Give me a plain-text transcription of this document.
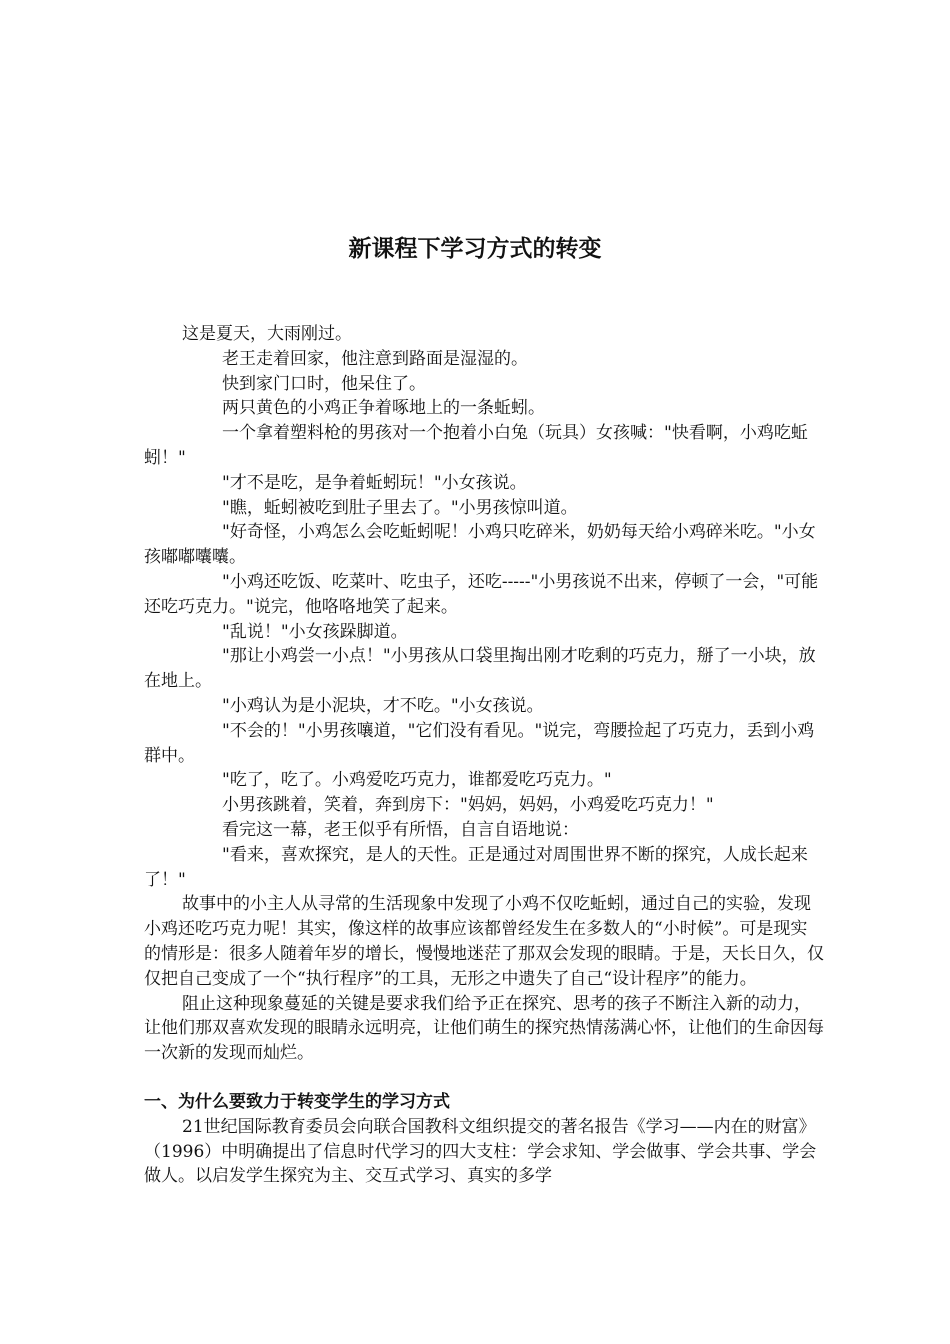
新课程下学习方式的转变

这是夏天，大雨刚过。

老王走着回家，他注意到路面是湿湿的。

快到家门口时，他呆住了。

两只黄色的小鸡正争着啄地上的一条蚯蚓。

一个拿着塑料枪的男孩对一个抱着小白兔（玩具）女孩喊："快看啊，小鸡吃蚯蚓！"

"才不是吃，是争着蚯蚓玩！"小女孩说。

"瞧，蚯蚓被吃到肚子里去了。"小男孩惊叫道。

"好奇怪，小鸡怎么会吃蚯蚓呢！小鸡只吃碎米，奶奶每天给小鸡碎米吃。"小女孩嘟嘟囔囔。

"小鸡还吃饭、吃菜叶、吃虫子，还吃-----"小男孩说不出来，停顿了一会，"可能还吃巧克力。"说完，他咯咯地笑了起来。

"乱说！"小女孩跺脚道。

"那让小鸡尝一小点！"小男孩从口袋里掏出刚才吃剩的巧克力，掰了一小块，放在地上。

"小鸡认为是小泥块，才不吃。"小女孩说。

"不会的！"小男孩嚷道，"它们没有看见。"说完，弯腰捡起了巧克力，丢到小鸡群中。

"吃了，吃了。小鸡爱吃巧克力，谁都爱吃巧克力。"

小男孩跳着，笑着，奔到房下："妈妈，妈妈，小鸡爱吃巧克力！"

看完这一幕，老王似乎有所悟，自言自语地说：

"看来，喜欢探究，是人的天性。正是通过对周围世界不断的探究，人成长起来了！"

故事中的小主人从寻常的生活现象中发现了小鸡不仅吃蚯蚓，通过自己的实验，发现小鸡还吃巧克力呢！其实，像这样的故事应该都曾经发生在多数人的“小时候”。可是现实的情形是：很多人随着年岁的增长，慢慢地迷茫了那双会发现的眼睛。于是，天长日久，仅仅把自己变成了一个“执行程序”的工具，无形之中遗失了自己“设计程序”的能力。

阻止这种现象蔓延的关键是要求我们给予正在探究、思考的孩子不断注入新的动力，让他们那双喜欢发现的眼睛永远明亮，让他们萌生的探究热情荡满心怀，让他们的生命因每一次新的发现而灿烂。

一、为什么要致力于转变学生的学习方式

21世纪国际教育委员会向联合国教科文组织提交的著名报告《学习——内在的财富》（1996）中明确提出了信息时代学习的四大支柱：学会求知、学会做事、学会共事、学会做人。以启发学生探究为主、交互式学习、真实的多学
